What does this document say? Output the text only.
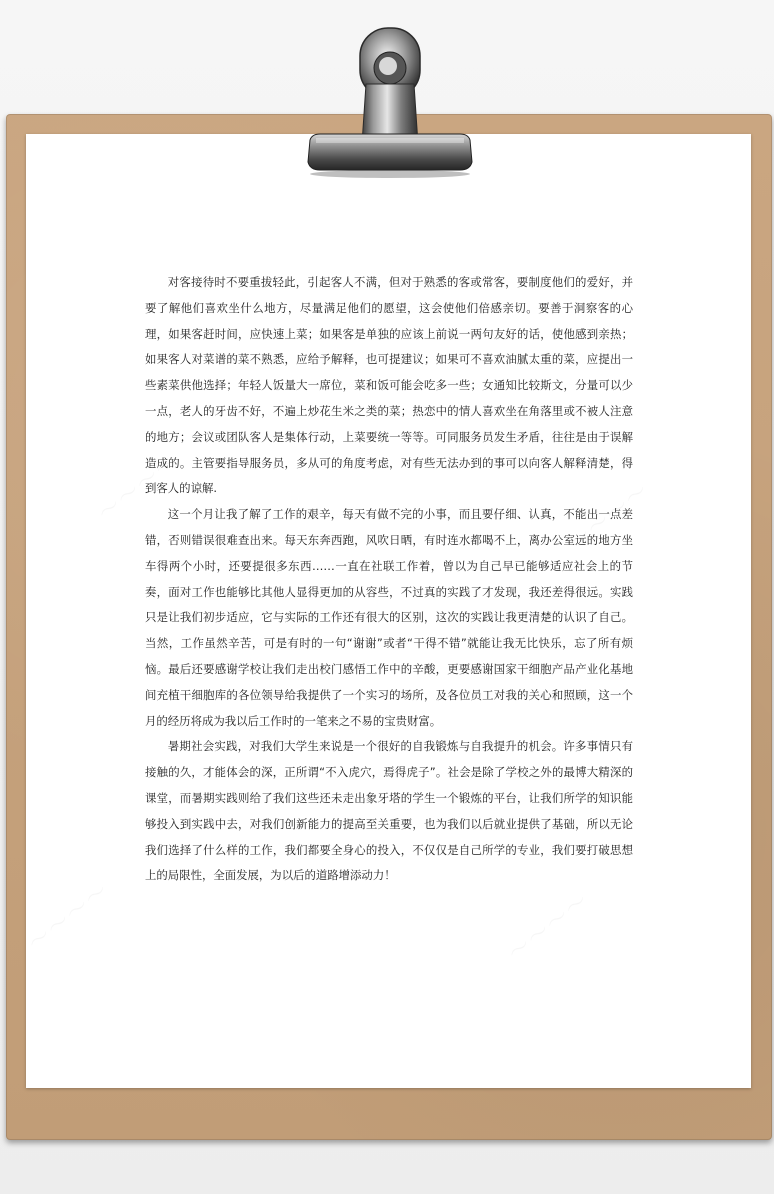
对客接待时不要重拔轻此，引起客人不满，但对于熟悉的客或常客，要制度他们的爱好，并要了解他们喜欢坐什么地方，尽量满足他们的愿望，这会使他们倍感亲切。要善于洞察客的心理，如果客赶时间，应快速上菜；如果客是单独的应该上前说一两句友好的话，使他感到亲热；如果客人对菜谱的菜不熟悉，应给予解释，也可提建议；如果可不喜欢油腻太重的菜，应提出一些素菜供他选择；年轻人饭量大一席位，菜和饭可能会吃多一些；女通知比较斯文，分量可以少一点，老人的牙齿不好，不遍上炒花生米之类的菜；热恋中的情人喜欢坐在角落里或不被人注意的地方；会议或团队客人是集体行动，上菜要统一等等。可同服务员发生矛盾，往往是由于误解造成的。主管要指导服务员，多从可的角度考虑，对有些无法办到的事可以向客人解释清楚，得到客人的谅解.

这一个月让我了解了工作的艰辛，每天有做不完的小事，而且要仔细、认真，不能出一点差错，否则错误很难查出来。每天东奔西跑，风吹日晒，有时连水都喝不上，离办公室远的地方坐车得两个小时，还要提很多东西……一直在社联工作着，曾以为自己早已能够适应社会上的节奏，面对工作也能够比其他人显得更加的从容些，不过真的实践了才发现，我还差得很远。实践只是让我们初步适应，它与实际的工作还有很大的区别，这次的实践让我更清楚的认识了自己。当然，工作虽然辛苦，可是有时的一句“谢谢”或者“干得不错”就能让我无比快乐，忘了所有烦恼。最后还要感谢学校让我们走出校门感悟工作中的辛酸，更要感谢国家干细胞产品产业化基地间充植干细胞库的各位领导给我提供了一个实习的场所，及各位员工对我的关心和照顾，这一个月的经历将成为我以后工作时的一笔来之不易的宝贵财富。

暑期社会实践，对我们大学生来说是一个很好的自我锻炼与自我提升的机会。许多事情只有接触的久，才能体会的深，正所谓“不入虎穴，焉得虎子”。社会是除了学校之外的最博大精深的课堂，而暑期实践则给了我们这些还未走出象牙塔的学生一个锻炼的平台，让我们所学的知识能够投入到实践中去，对我们创新能力的提高至关重要，也为我们以后就业提供了基础，所以无论我们选择了什么样的工作，我们都要全身心的投入，不仅仅是自己所学的专业，我们要打破思想上的局限性，全面发展，为以后的道路增添动力！
